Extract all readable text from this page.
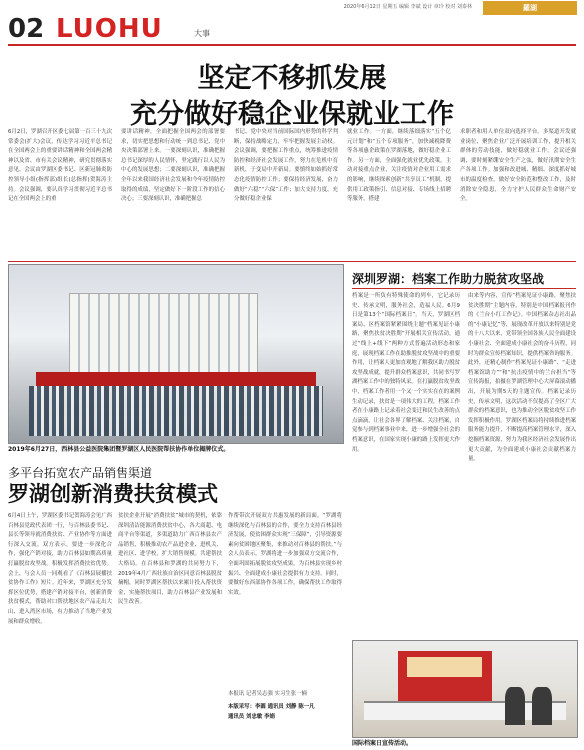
2020年6月12日 星期五 编辑 李斌 设计 章玲 校对 刘泰林	羅湖
02 LUOHU	大事
坚定不移抓发展
充分做好稳企业保就业工作
6月2日，罗湖召开区委七届第一百三十九次常委会(扩大)会议，传达学习习近平总书记在全国两会上的重要讲话精神和全国两会精神以及省、市有关会议精神，研究贯彻落实意见。会议由罗湖区委书记、区新冠肺炎防控领导小组(指挥部)组长(总指挥)贺海涛主持。会议强调，要认真学习贯彻习近平总书记在全国两会上的重
要讲话精神，全面把握全国两会的部署要求，切实把思想和行动统一到总书记、党中央决策部署上来。一要深刻认识，准确把握总书记深厚的人民情怀，坚定践行以人民为中心的发展思想；二要深刻认识，准确把握全年以来我国经济社会发展和今年疫情防控取得的成绩，坚定做好下一阶段工作的信心决心；三要深刻认识，准确把握总
书记、党中央对当前国际国内形势的科学判断，保持战略定力，牢牢把握发展主动权。会议强调，要把握工作重点，统筹推进疫情防控和经济社会发展工作，努力在危机中育新机，于变局中开新局。要慎终如始抓好常态化疫情防控工作；要保持经济发展，奋力做好“六稳”“六保”工作；加大支持力度，充分做好稳企业保
就业工作。一方面，继续落细落实“五个亿元计划”和“五个专项服务”，加快减税降费等各项惠企政策在罗湖落地，做好稳企业工作。另一方面，全面强化就业优先政策，主动对接重点企业，关注疫情对企业用工需求的影响，继续探索创新“共享员工”机制，提供用工政策指引、信息对接、专场线上招聘等服务，搭建
求职者和用人单位双向选择平台。多渠道开发就业岗位，聚焦企业广泛开展培训工作，提升相关群体的劳动技能，做好稳就业工作。会议还强调，要时刻紧绷安全生产之弦，做好汛期安全生产各项工作。加强和改进城、精细、深度抓好城市的温度检查，做好安全防范和整改工作，及时消除安全隐患，全力守护人民群众生命财产安全。
2019年6月27日，西林县公益医院集团暨罗湖区人民医院帮扶协作单位揭牌仪式。
深圳罗湖：档案工作助力脱贫攻坚战
档案是一所负有特殊使命的列车，它记录历史、传承文明，服务社会，造福人民。6月9日是第13个“国际档案日”。当天，罗湖区档案局、区档案馆紧紧围绕主题“档案见证小康路，聚焦扶贫决胜期”开展相关宣传活动，通过“线上+线下”两种方式普遍活动形态和家庭，展现档案工作在助推脱贫攻坚战中的重要作用，让档案人更加直观地了解我区助力脱贫攻坚战成就，提升群众档案意识，共同书写罗湖档案工作中的独特风采。在打赢脱贫攻坚战中，档案工作者用一个又一个实实在在的案例生动记录，扶贫是一项伟大的工程，档案工作者在小康路上记录着社会变迁和民生改善的点点滴滴，让社会各界了解档案、关注档案，自觉参与到档案事业中来，进一步增强全社会的档案意识，在国家实现小康的路上发挥更大作用。
由来等内容，宣传“档案见证小康路，聚焦扶贫决胜期”主题内容，特别是中国档案报刊作的《兰台小红工作记》。中国档案杂志社出品的“小康记忆”等，展现改革开放以来特别是党的十八大以来，党带领全国各族人民全面建设小康社会、全面建成小康社会的奋斗历程，同时为群众宣传档案知识，提供档案咨询服务。此外，还精心制作“档案见证小康路”、“走进档案馆助力”“和“抗击疫情中的兰台担当”等宣传海报，拍摄在罗湖管理中心大屏幕滚动播出，开展为期5天的主题宣传。档案记录历史，传承文明，这次活动不仅提高了全区广大群众的档案意识，也为推动全区脱贫攻坚工作发挥积极作用。罗湖区档案局将持续推进档案服务能力提升，不断提高档案管理水平，深入挖掘档案资源，努力为我区经济社会发展作出更大贡献，为全面建成小康社会贡献档案力量。
多平台拓宽农产品销售渠道
罗湖创新消费扶贫模式
6月4日上午，罗湖区委书记贺海涛会见广西百林县党政代表团一行，与百林县委书记、县长等领导就消费扶贫、产业协作等方面进行深入交流。双方表示，要进一步深化合作，强化产销对接，助力百林县如期高质量打赢脱贫攻坚战。积极发挥消费扶贫优势。会上，与会人员一同观看了《百林县展播扶贫协作工作》短片。近年来，罗湖区充分发挥区位优势，搭建产销对接平台，创新消费扶贫模式，帮助对口帮扶地区农产品走出大山、进入湾区市场，有力推动了当地产业发展和群众增收。
贫扶企业开展“消费扶贫”城市的契机，依靠深圳清洁能源消费扶贫中心，各大商超、电商平台等渠道，多渠道助力广西百林县农产品销售，积极推动农产品进企业、进机关、进社区、进学校，扩大销售规模。共建帮扶大格局。在百林县和罗湖的共同努力下，2019年4月广西壮族自治区同意百林县脱贫摘帽，同时罗湖区帮扶以来累计投入帮扶资金，实施帮扶项目，助力百林县产业发展和民生改善。
作帮带次开展双方共惠发展的新局面。“罗湖将继续深化与百林县的合作，要全力支持百林县经济发展，使贫困群众实现“三保障”，引导资源要素向贫困地区聚集，来推动对百林县的帮扶。”与会人员表示，罗湖将进一步加强双方交流合作，全面巩固拓展脱贫攻坚成果，为百林县实现乡村振兴、全面建成小康社会提供有力支持。同时，要做好东西部协作各项工作，确保帮扶工作取得实效。
本报讯 记者吴志强 实习生张一楠
本版采写：李圆 通讯员 刘静 陈一凡
通讯员 刘忠敏 李娟
国际档案日宣传活动。
